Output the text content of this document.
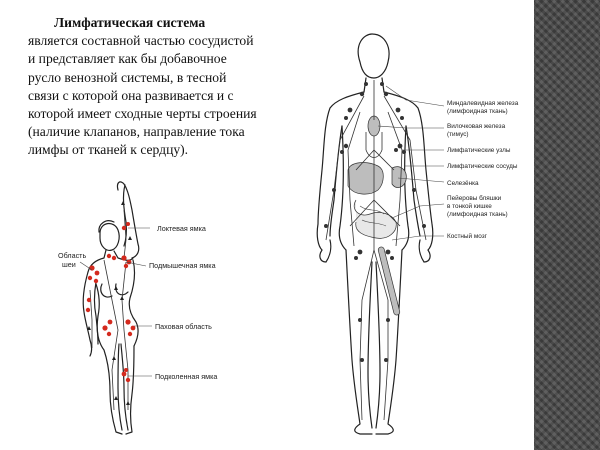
Лимфатическая система
является составной частью сосудистой
и представляет как бы добавочное
русло венозной системы, в тесной
связи с которой она развивается и с
которой имеет сходные черты строения
(наличие клапанов, направление тока
лимфы от тканей к сердцу).
Локтевая ямка
Подмышечная ямка
Паховая область
Подколенная ямка
Область
шеи
Миндалевидная железа
(лимфоидная ткань)
Вилочковая железа
(тимус)
Лимфатические узлы
Лимфатические сосуды
Селезёнка
Пейеровы бляшки
в тонкой кишке
(лимфоидная ткань)
Костный мозг
